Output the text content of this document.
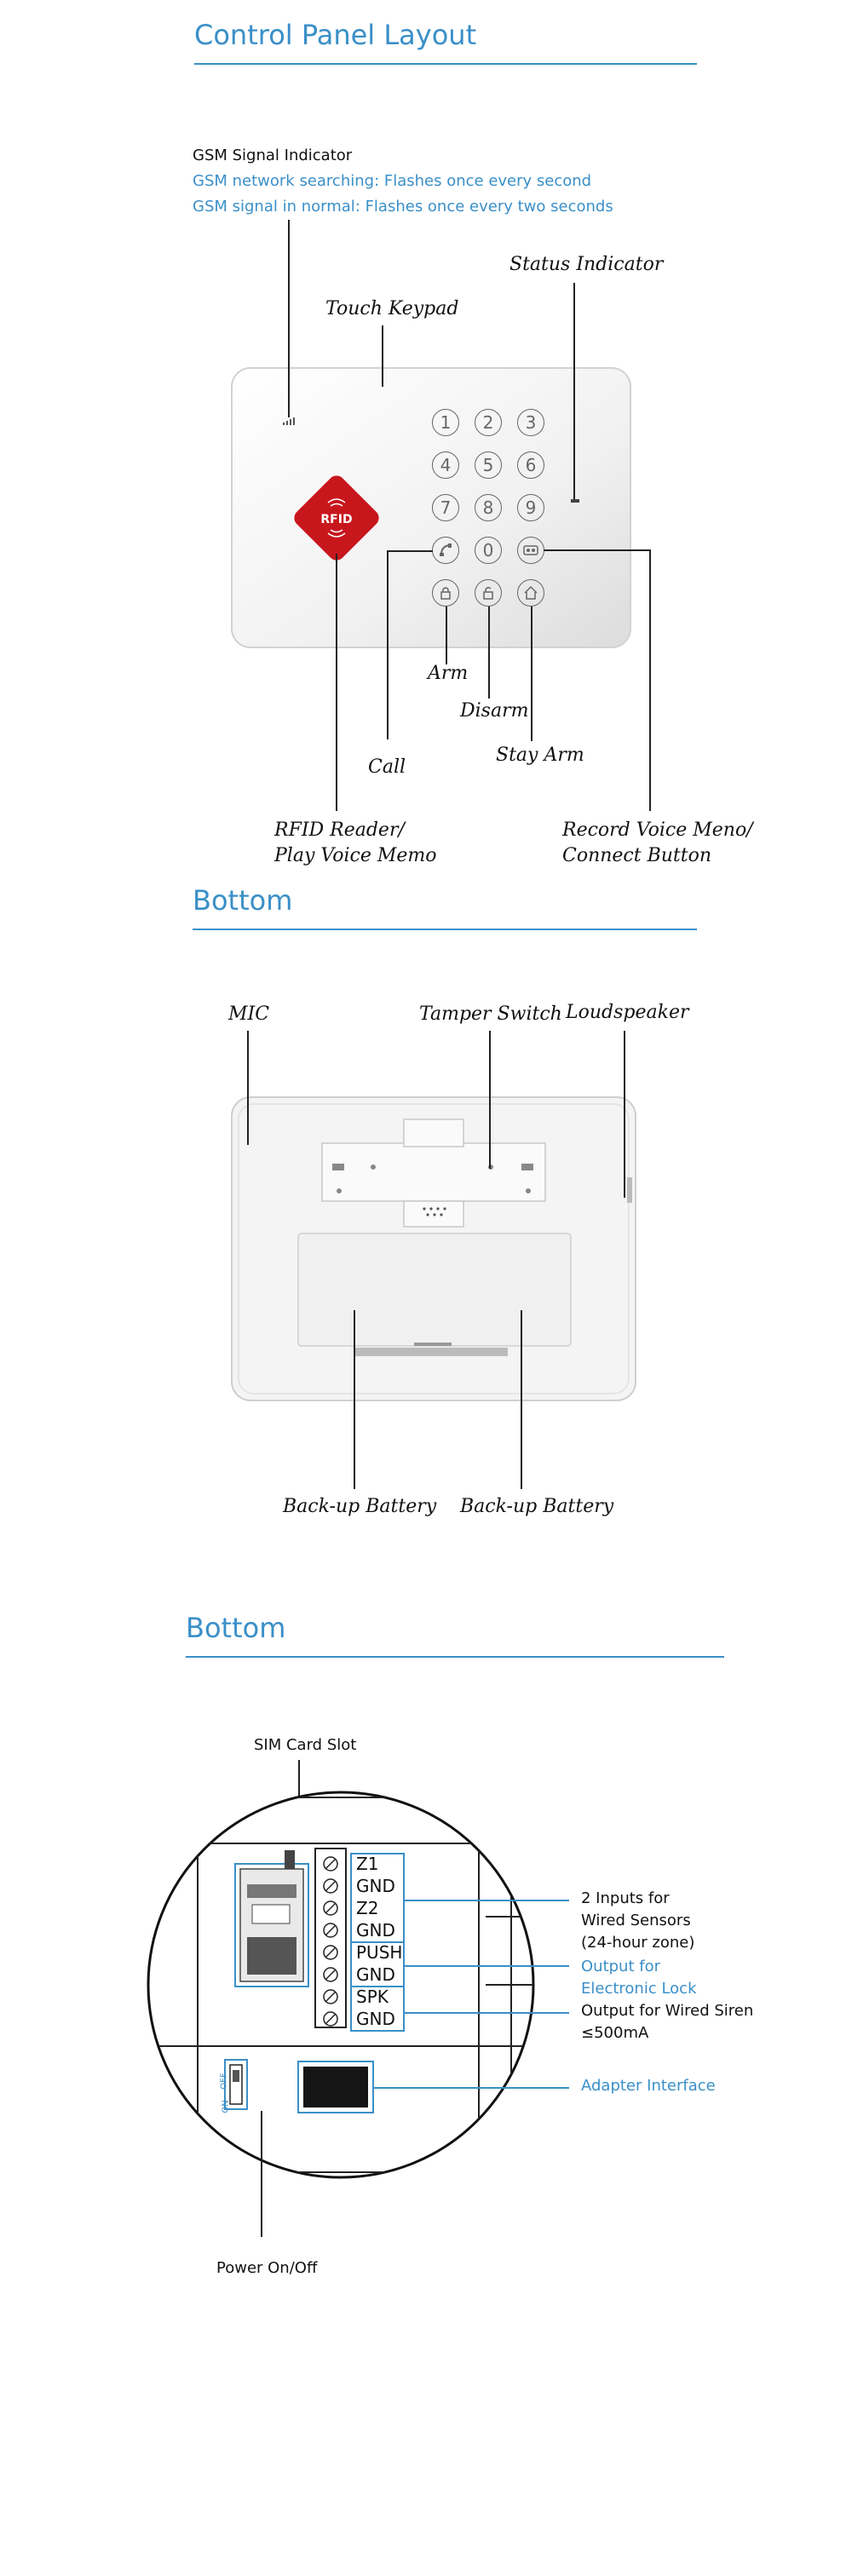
Control Panel Layout
GSM Signal Indicator
GSM network searching: Flashes once every second
GSM signal in normal: Flashes once every two seconds
Status Indicator
Touch Keypad
RFID
1	2	3
4	5	6
7	8	9
0
Arm
Disarm
Call
Stay Arm
RFID Reader/
Play Voice Memo
Record Voice Meno/
Connect Button
Bottom
MIC	Tamper Switch Loudspeaker
Back-up Battery Back-up Battery
Bottom
SIM Card Slot
Z1
GND
Z2
GND
PUSH
GND
SPK
GND
OFF
ON
2 Inputs for
Wired Sensors
(24-hour zone)
Output for
Electronic Lock
Output for Wired Siren
≤500mA
Adapter Interface
Power On/Off
